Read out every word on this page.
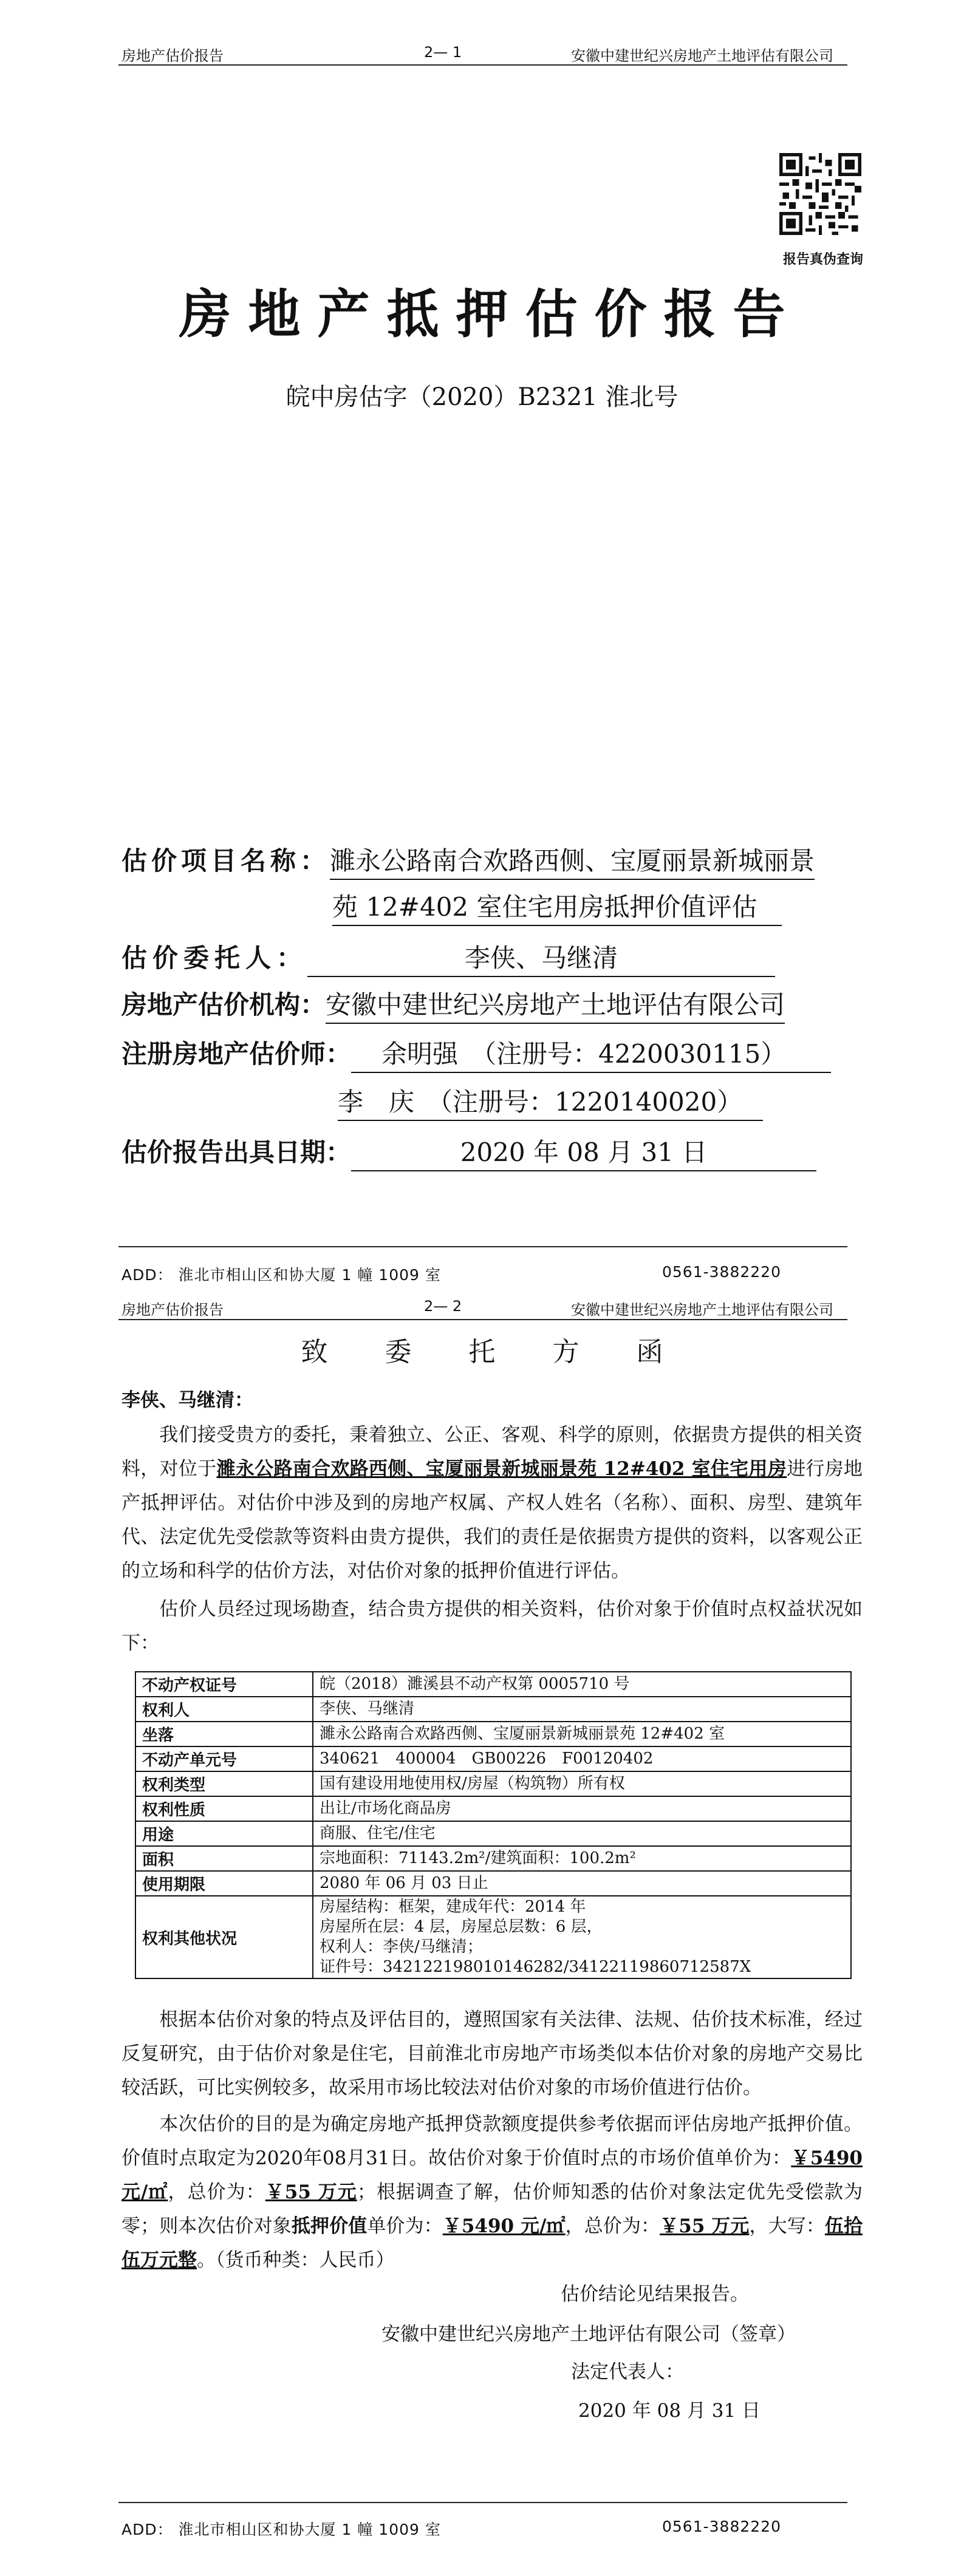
房地产估价报告	2— 1	安徽中建世纪兴房地产土地评估有限公司
报告真伪查询
房地产抵押估价报告
皖中房估字（2020）B2321 淮北号
估价项目名称：濉永公路南合欢路西侧、宝厦丽景新城丽景
苑 12#402 室住宅用房抵押价值评估
估价委托人：	李侠、马继清
房地产估价机构：安徽中建世纪兴房地产土地评估有限公司
注册房地产估价师： 余明强　（注册号：4220030115）
李　庆　（注册号：1220140020）
估价报告出具日期：	2020 年 08 月 31 日
ADD： 淮北市相山区和协大厦 1 幢 1009 室	0561-3882220
房地产估价报告	2— 2	安徽中建世纪兴房地产土地评估有限公司
致 委 托 方 函
李侠、马继清：
我们接受贵方的委托，秉着独立、公正、客观、科学的原则，依据贵方提供的相关资料，对位于濉永公路南合欢路西侧、宝厦丽景新城丽景苑 12#402 室住宅用房进行房地产抵押评估。对估价中涉及到的房地产权属、产权人姓名（名称）、面积、房型、建筑年代、法定优先受偿款等资料由贵方提供，我们的责任是依据贵方提供的资料，以客观公正的立场和科学的估价方法，对估价对象的抵押价值进行评估。
估价人员经过现场勘查，结合贵方提供的相关资料，估价对象于价值时点权益状况如下：
不动产权证号	皖（2018）濉溪县不动产权第 0005710 号

权利人	李侠、马继清

坐落	濉永公路南合欢路西侧、宝厦丽景新城丽景苑 12#402 室

不动产单元号	340621　400004　GB00226　F00120402

权利类型	国有建设用地使用权/房屋（构筑物）所有权

权利性质	出让/市场化商品房

用途	商服、住宅/住宅

面积	宗地面积：71143.2m²/建筑面积：100.2m²

使用期限	2080 年 06 月 03 日止

权利其他状况	房屋结构：框架，建成年代：2014 年
房屋所在层：4 层，房屋总层数：6 层，
权利人：李侠/马继清；
证件号：342122198010146282/34122119860712587X
根据本估价对象的特点及评估目的，遵照国家有关法律、法规、估价技术标准，经过反复研究，由于估价对象是住宅，目前淮北市房地产市场类似本估价对象的房地产交易比较活跃，可比实例较多，故采用市场比较法对估价对象的市场价值进行估价。
本次估价的目的是为确定房地产抵押贷款额度提供参考依据而评估房地产抵押价值。价值时点取定为2020年08月31日。故估价对象于价值时点的市场价值单价为：￥5490 元/㎡，总价为：￥55 万元；根据调查了解，估价师知悉的估价对象法定优先受偿款为零；则本次估价对象抵押价值单价为：￥5490 元/㎡，总价为：￥55 万元，大写：伍拾伍万元整。（货币种类：人民币）
估价结论见结果报告。
安徽中建世纪兴房地产土地评估有限公司（签章）
法定代表人：
2020 年 08 月 31 日
ADD： 淮北市相山区和协大厦 1 幢 1009 室	0561-3882220
